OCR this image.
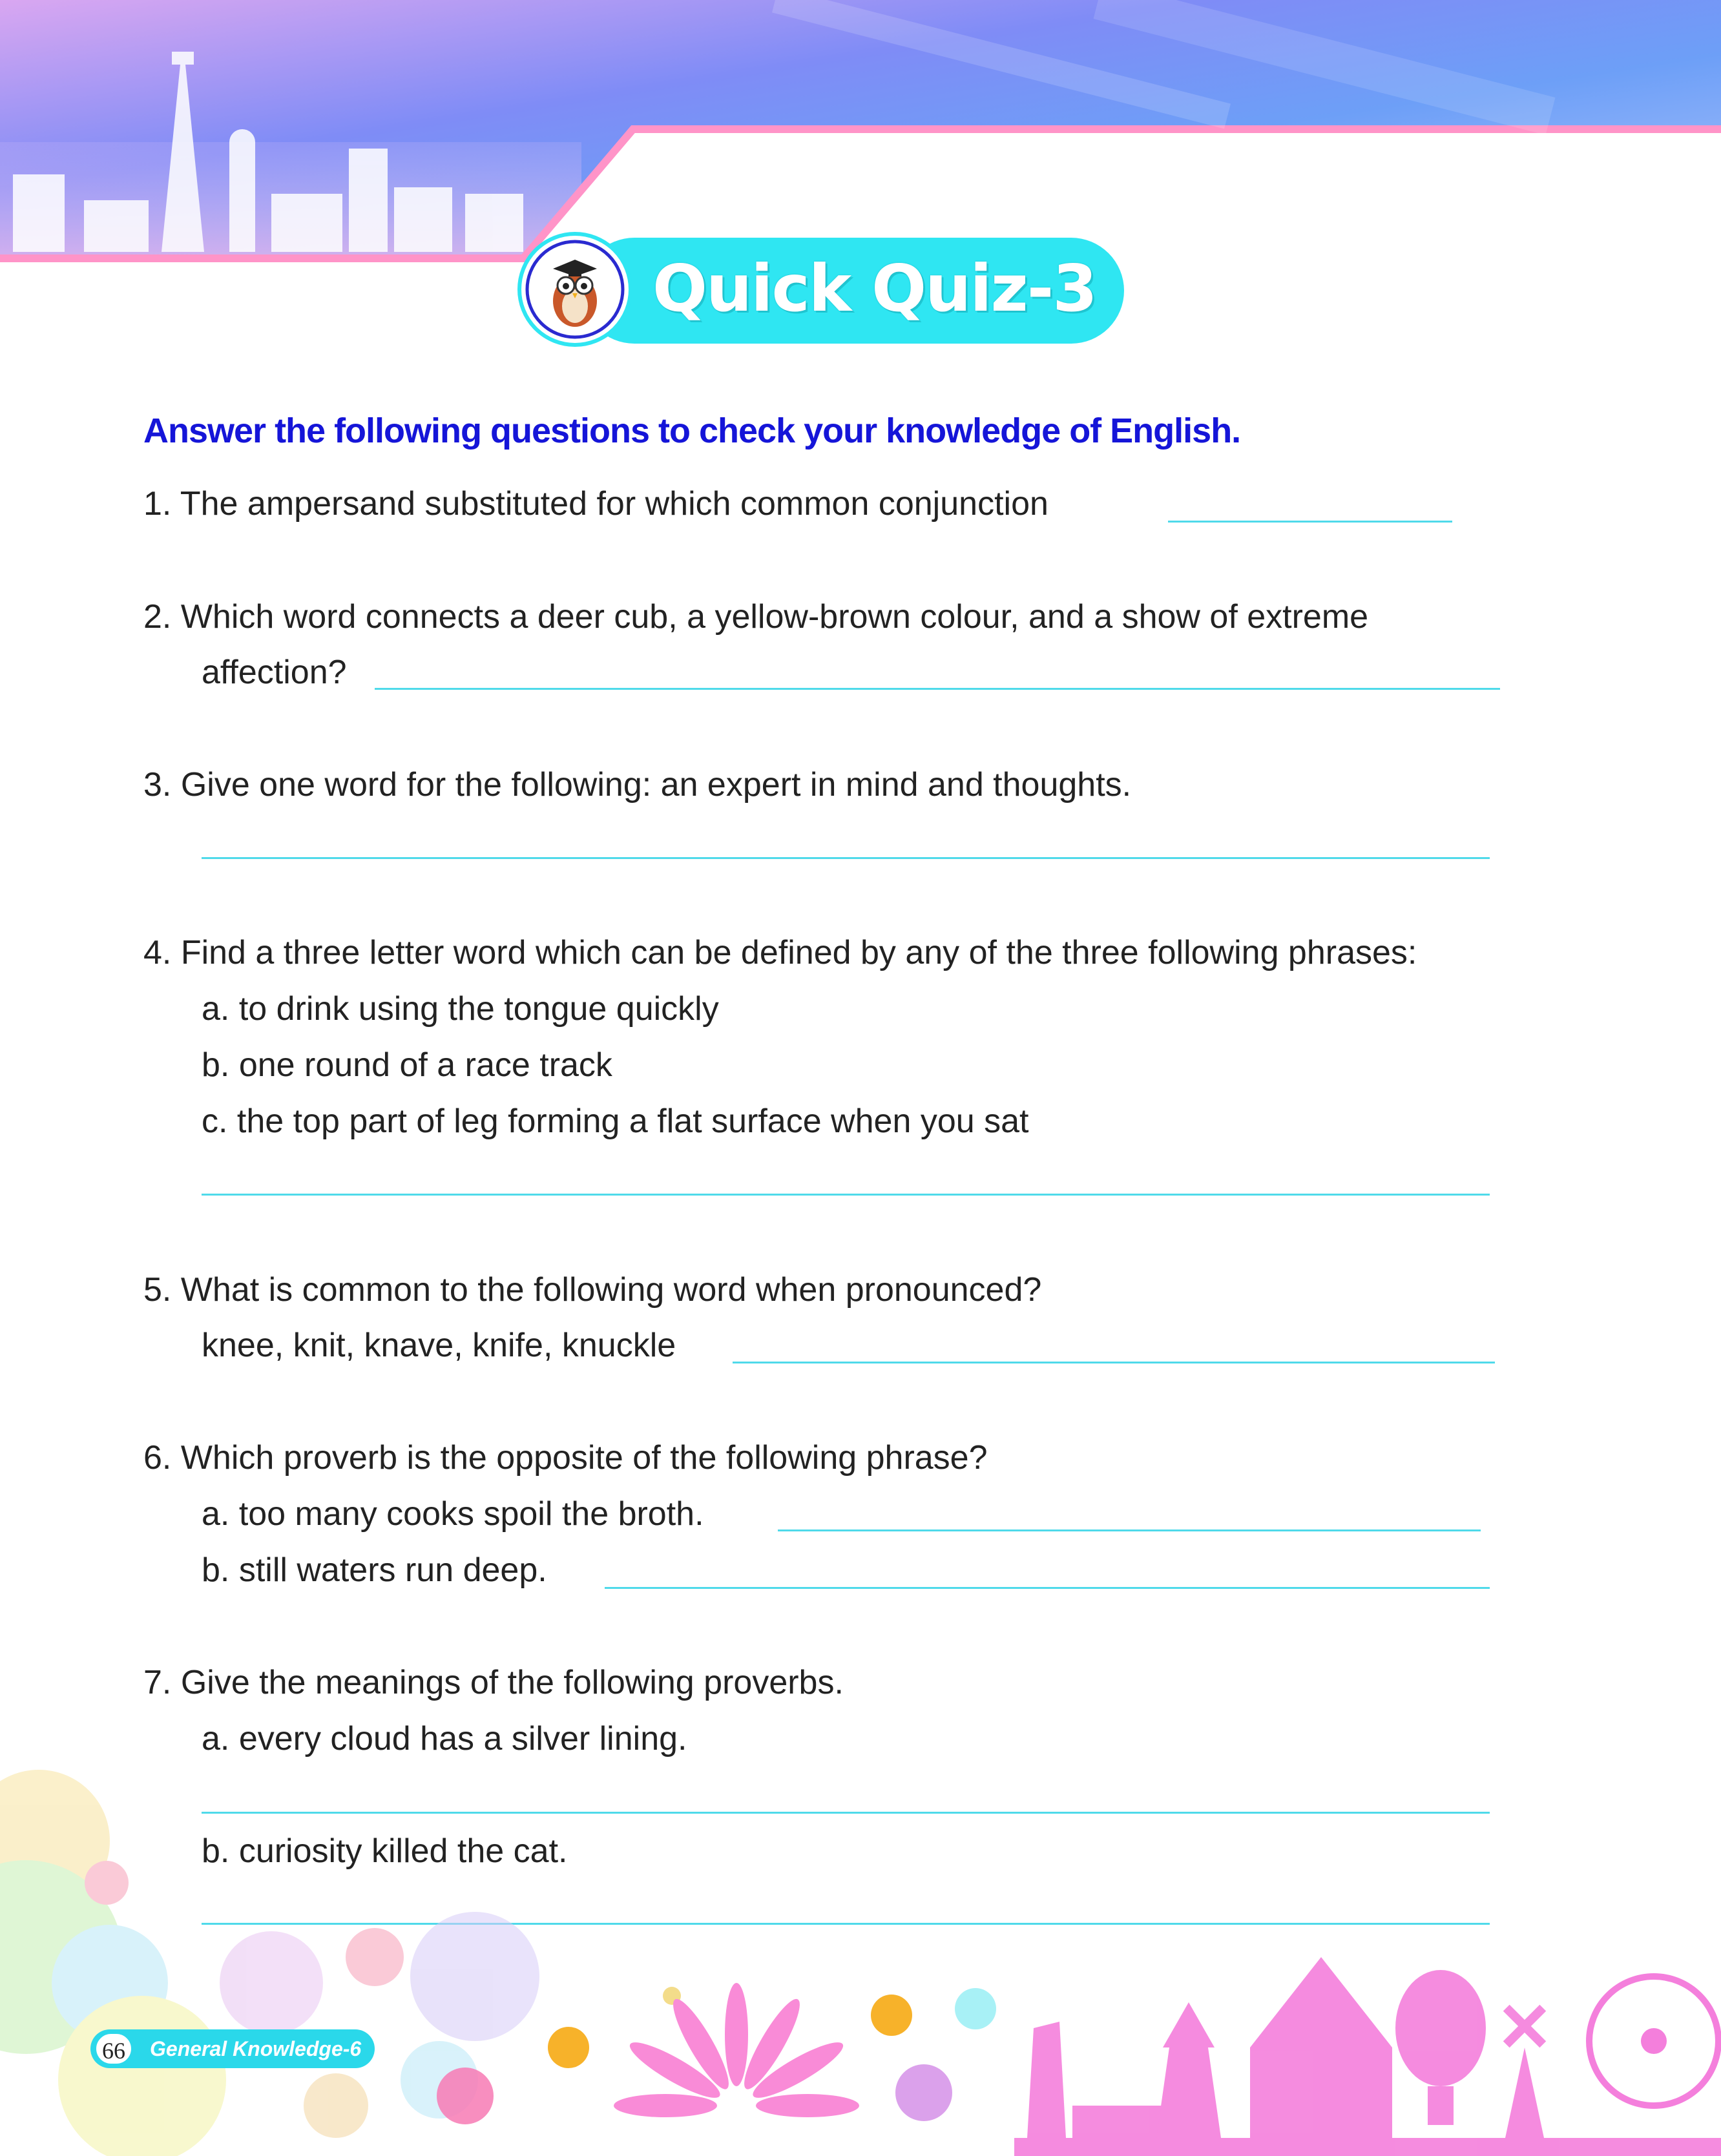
Quick Quiz-3
Answer the following questions to check your knowledge of English.
1. The ampersand substituted for which common conjunction
2. Which word connects a deer cub, a yellow-brown colour, and a show of extreme
affection?
3. Give one word for the following: an expert in mind and thoughts.
4. Find a three letter word which can be defined by any of the three following phrases:
a. to drink using the tongue quickly
b. one round of a race track
c. the top part of leg forming a flat surface when you sat
5. What is common to the following word when pronounced?
knee, knit, knave, knife, knuckle
6. Which proverb is the opposite of the following phrase?
a. too many cooks spoil the broth.
b. still waters run deep.
7. Give the meanings of the following proverbs.
a. every cloud has a silver lining.
b. curiosity killed the cat.
66	General Knowledge-6
